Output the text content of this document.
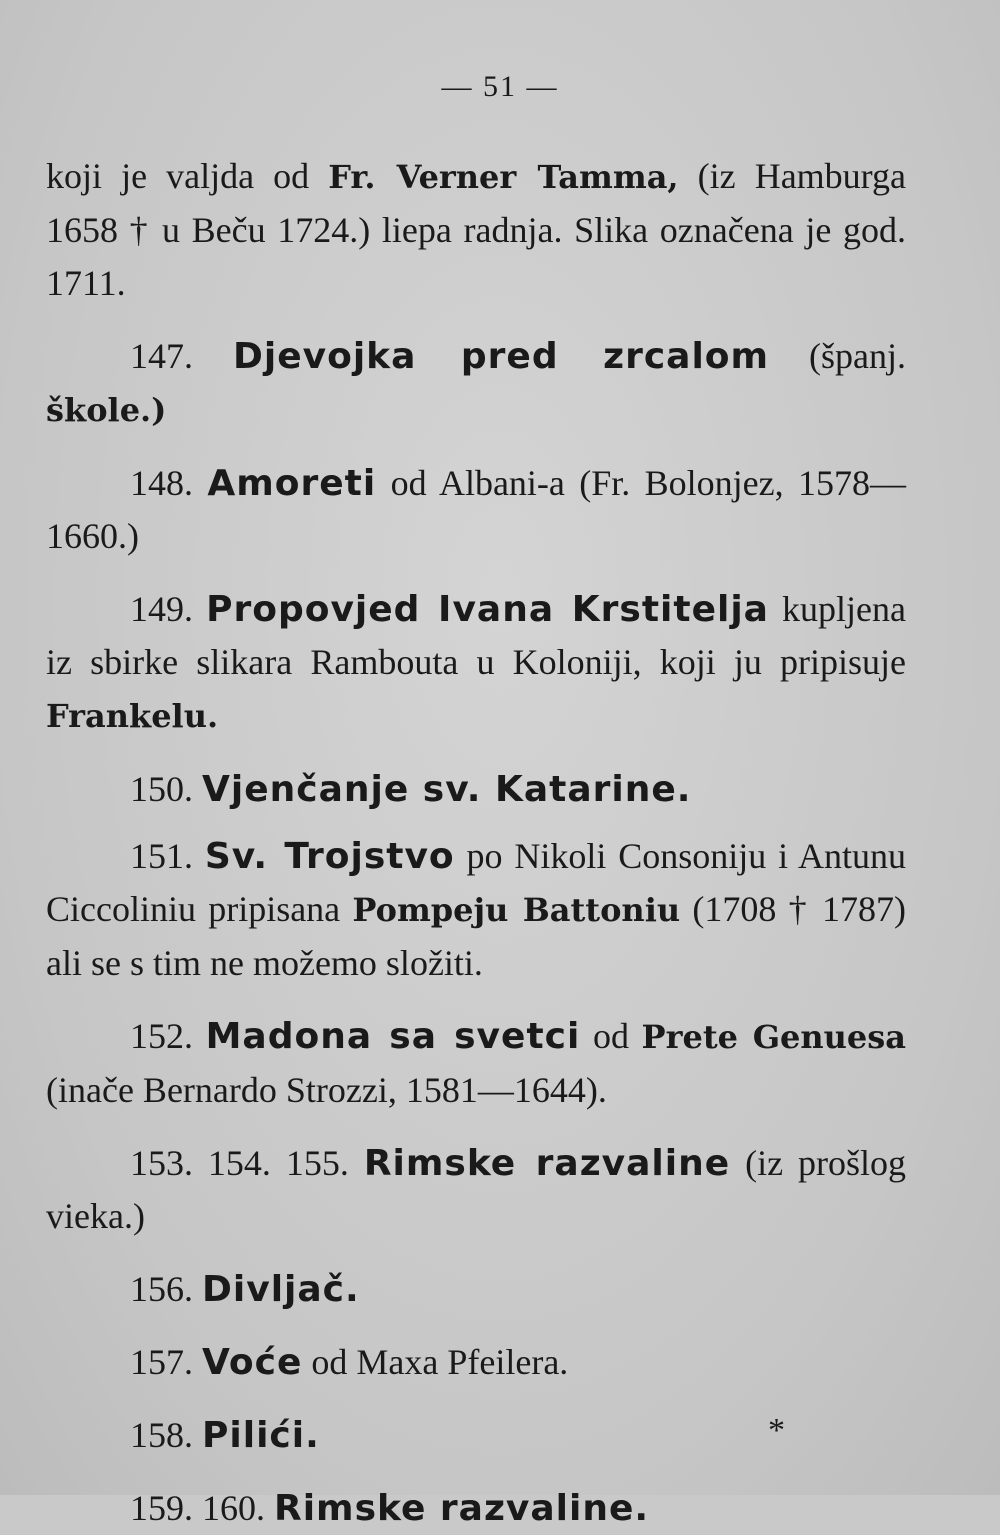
— 51 —

koji je valjda od Fr. Verner Tamma, (iz Hamburga 1658 † u Beču 1724.) liepa radnja. Slika označena je god. 1711.

147. Djevojka pred zrcalom (španj. škole.)

148. Amoreti od Albani-a (Fr. Bolonjez, 1578—1660.)

149. Propovjed Ivana Krstitelja kupljena iz sbirke slikara Rambouta u Koloniji, koji ju pripisuje Frankelu.

150. Vjenčanje sv. Katarine.

151. Sv. Trojstvo po Nikoli Consoniju i Antunu Ciccoliniu pripisana Pompeju Battoniu (1708 † 1787) ali se s tim ne možemo složiti.

152. Madona sa svetci od Prete Genuesa (inače Bernardo Strozzi, 1581—1644).

153. 154. 155. Rimske razvaline (iz prošlog vieka.)

156. Divljač.

157. Voće od Maxa Pfeilera.

158. Pilići.

159. 160. Rimske razvaline.

*
